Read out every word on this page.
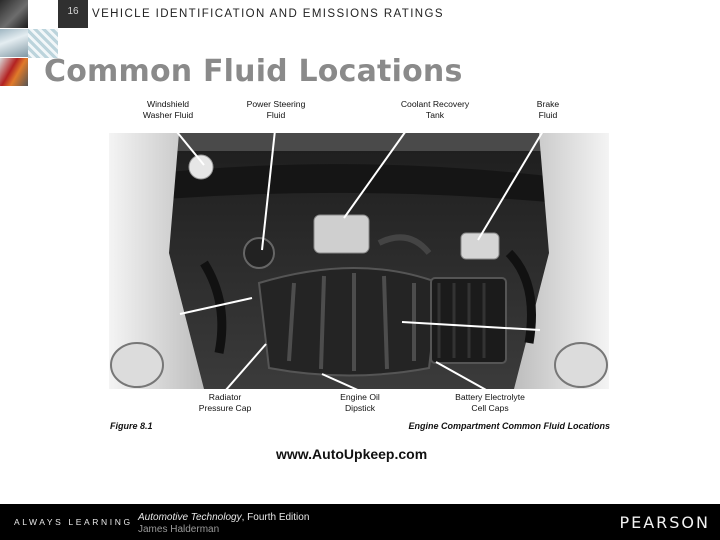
16	VEHICLE IDENTIFICATION AND EMISSIONS RATINGS
Common Fluid Locations
Windshield
Washer Fluid
Power Steering
Fluid
Coolant Recovery
Tank
Brake
Fluid
Radiator
Pressure Cap
Engine Oil
Dipstick
Battery Electrolyte
Cell Caps
Figure 8.1	Engine Compartment Common Fluid Locations
www.AutoUpkeep.com
ALWAYS LEARNING Automotive Technology, Fourth Edition
James Halderman	PEARSON
